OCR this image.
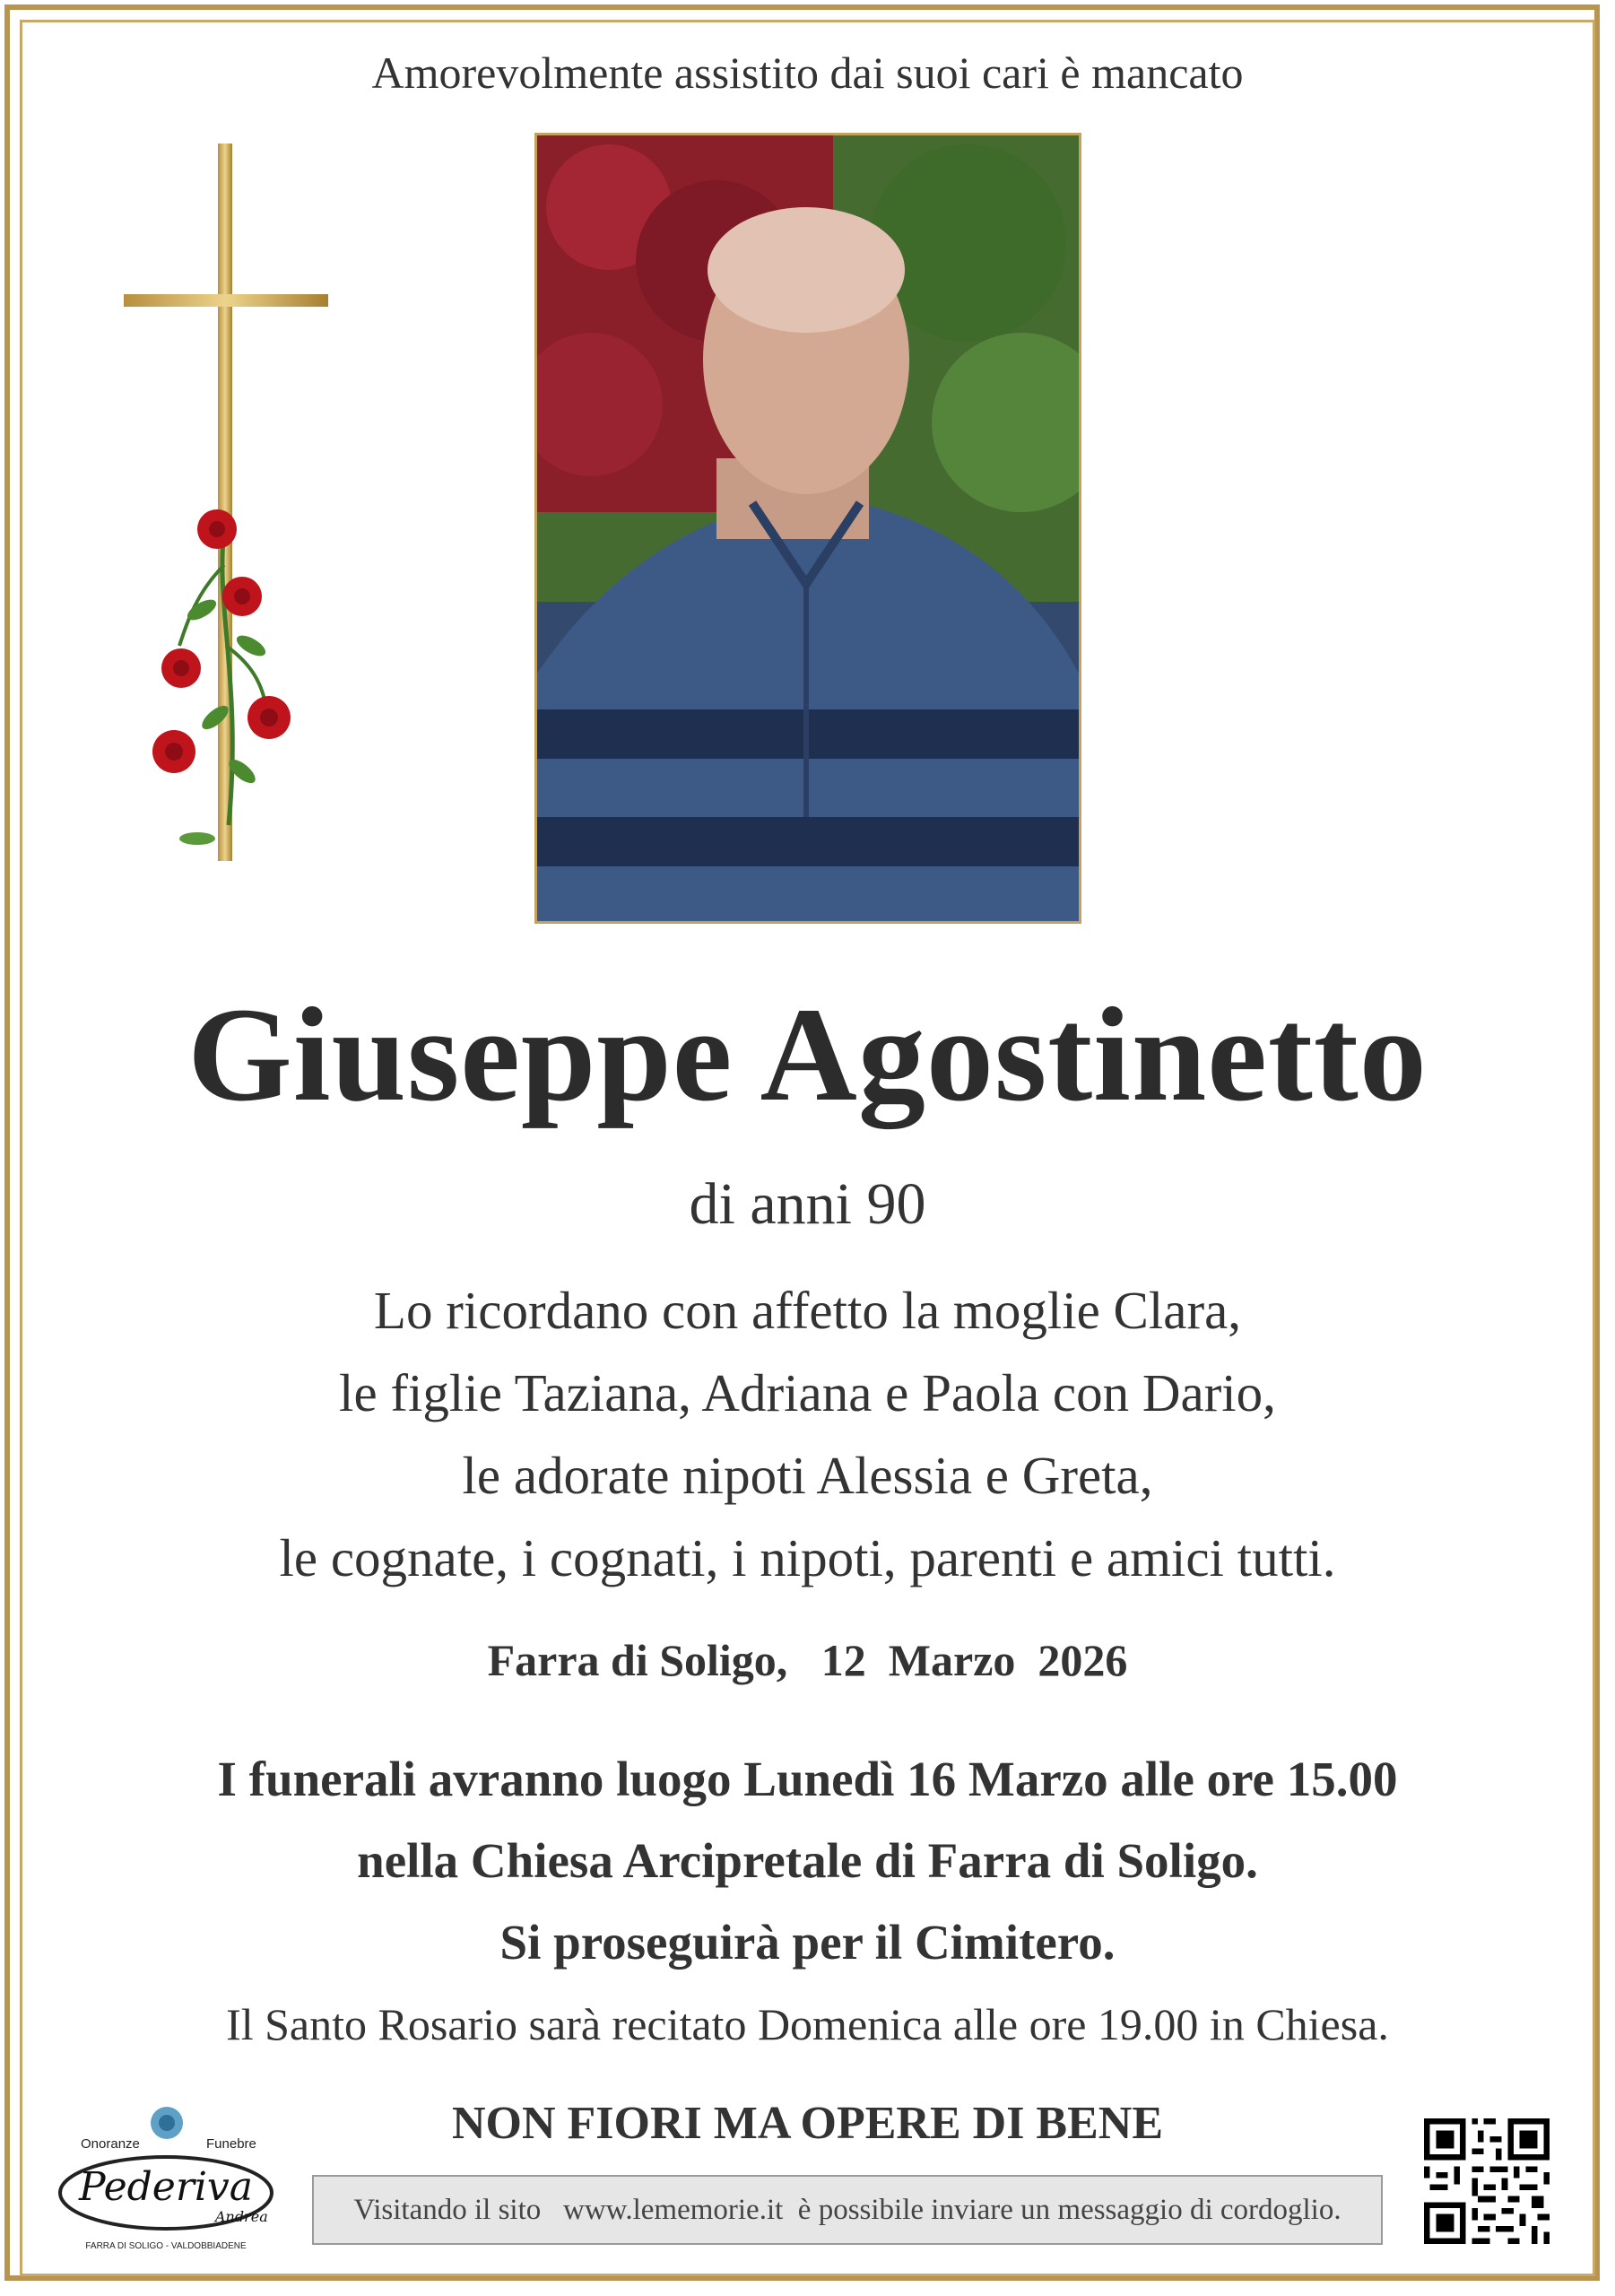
Amorevolmente assistito dai suoi cari è mancato
Giuseppe Agostinetto
di anni 90
Lo ricordano con affetto la moglie Clara,
le figlie Taziana, Adriana e Paola con Dario,
le adorate nipoti Alessia e Greta,
le cognate, i cognati, i nipoti, parenti e amici tutti.
Farra di Soligo,   12  Marzo  2026
I funerali avranno luogo Lunedì 16 Marzo alle ore 15.00
nella Chiesa Arcipretale di Farra di Soligo.
Si proseguirà per il Cimitero.
Il Santo Rosario sarà recitato Domenica alle ore 19.00 in Chiesa.
NON FIORI MA OPERE DI BENE
Visitando il sito   www.lememorie.it  è possibile inviare un messaggio di cordoglio.
Onoranze	Funebre
Pederiva
Andrea
FARRA DI SOLIGO - VALDOBBIADENE
